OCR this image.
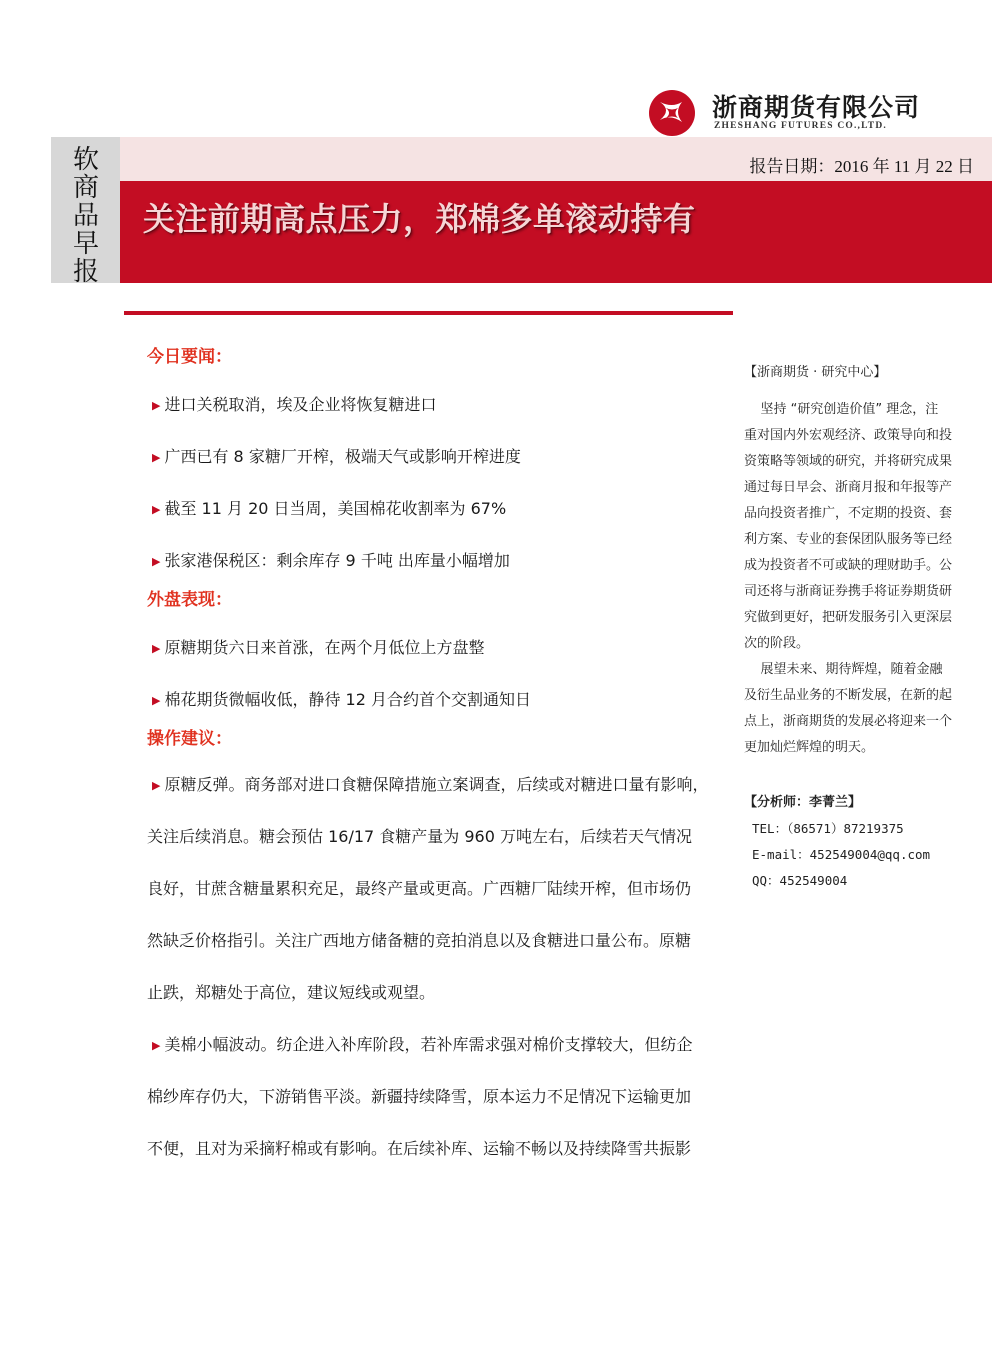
浙商期货有限公司
ZHESHANG FUTURES CO.,LTD.
软
商
品
早
报
报告日期：2016 年 11 月 22 日
关注前期高点压力，郑棉多单滚动持有
今日要闻：
▶ 进口关税取消，埃及企业将恢复糖进口
▶ 广西已有 8 家糖厂开榨，极端天气或影响开榨进度
▶ 截至 11 月 20 日当周，美国棉花收割率为 67%
▶ 张家港保税区：剩余库存 9 千吨 出库量小幅增加
外盘表现：
▶ 原糖期货六日来首涨，在两个月低位上方盘整
▶ 棉花期货微幅收低，静待 12 月合约首个交割通知日
操作建议：
▶ 原糖反弹。商务部对进口食糖保障措施立案调查，后续或对糖进口量有影响，
关注后续消息。糖会预估 16/17 食糖产量为 960 万吨左右，后续若天气情况
良好，甘蔗含糖量累积充足，最终产量或更高。广西糖厂陆续开榨，但市场仍
然缺乏价格指引。关注广西地方储备糖的竞拍消息以及食糖进口量公布。原糖
止跌，郑糖处于高位，建议短线或观望。
▶ 美棉小幅波动。纺企进入补库阶段，若补库需求强对棉价支撑较大，但纺企
棉纱库存仍大，下游销售平淡。新疆持续降雪，原本运力不足情况下运输更加
不便，且对为采摘籽棉或有影响。在后续补库、运输不畅以及持续降雪共振影
【浙商期货 · 研究中心】
坚持 “研究创造价值” 理念，注
重对国内外宏观经济、政策导向和投
资策略等领域的研究，并将研究成果
通过每日早会、浙商月报和年报等产
品向投资者推广，不定期的投资、套
利方案、专业的套保团队服务等已经
成为投资者不可或缺的理财助手。公
司还将与浙商证券携手将证券期货研
究做到更好，把研发服务引入更深层
次的阶段。
展望未来、期待辉煌，随着金融
及衍生品业务的不断发展，在新的起
点上，浙商期货的发展必将迎来一个
更加灿烂辉煌的明天。
【分析师：李菁兰】
TEL：（86571）87219375
E-mail：452549004@qq.com
QQ：452549004
